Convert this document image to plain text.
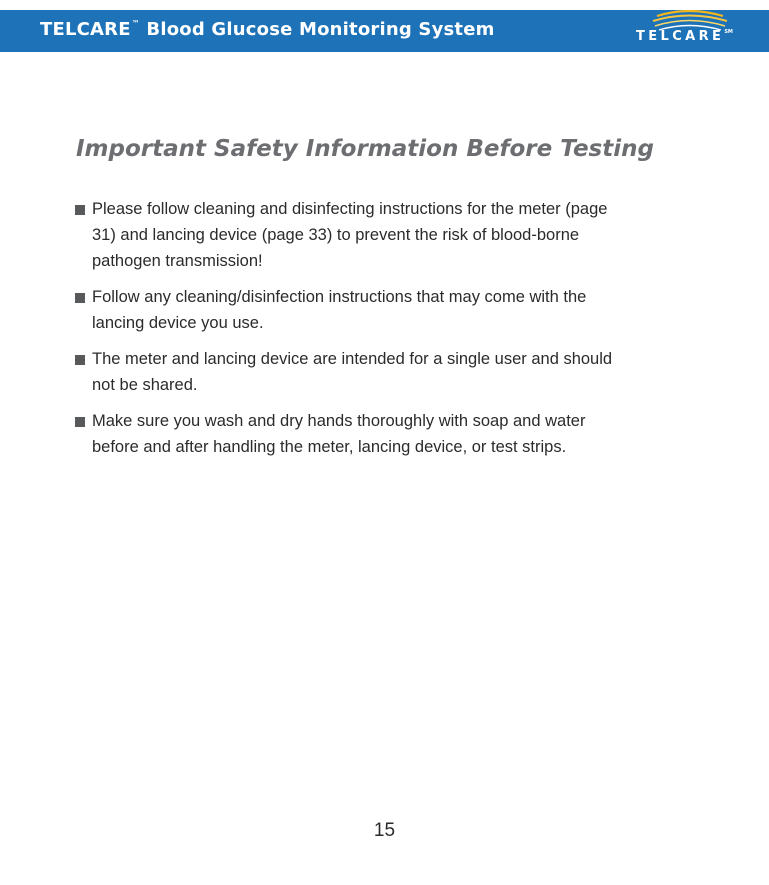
TELCARE™ Blood Glucose Monitoring System	TELCARE℠
Important Safety Information Before Testing
Please follow cleaning and disinfecting instructions for the meter (page 31) and lancing device (page 33) to prevent the risk of blood-borne pathogen transmission!
Follow any cleaning/disinfection instructions that may come with the lancing device you use.
The meter and lancing device are intended for a single user and should not be shared.
Make sure you wash and dry hands thoroughly with soap and water before and after handling the meter, lancing device, or test strips.
15
